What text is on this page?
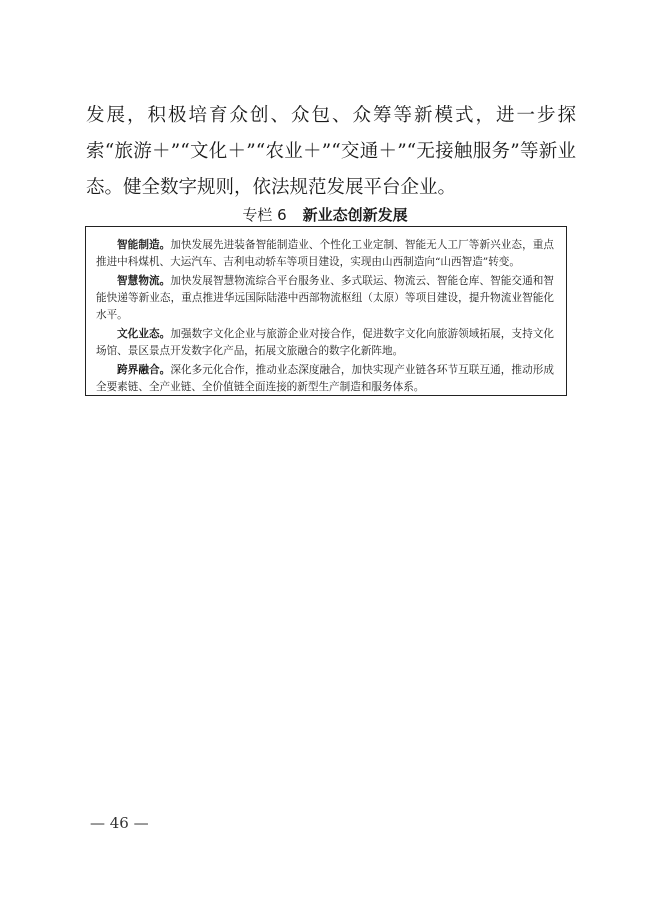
发展，积极培育众创、众包、众筹等新模式，进一步探索“旅游＋”“文化＋”“农业＋”“交通＋”“无接触服务”等新业态。健全数字规则，依法规范发展平台企业。

专栏 6 新业态创新发展

智能制造。加快发展先进装备智能制造业、个性化工业定制、智能无人工厂等新兴业态，重点推进中科煤机、大运汽车、吉利电动轿车等项目建设，实现由山西制造向“山西智造”转变。

智慧物流。加快发展智慧物流综合平台服务业、多式联运、物流云、智能仓库、智能交通和智能快递等新业态，重点推进华远国际陆港中西部物流枢纽（太原）等项目建设，提升物流业智能化水平。

文化业态。加强数字文化企业与旅游企业对接合作，促进数字文化向旅游领域拓展，支持文化场馆、景区景点开发数字化产品，拓展文旅融合的数字化新阵地。

跨界融合。深化多元化合作，推动业态深度融合，加快实现产业链各环节互联互通，推动形成全要素链、全产业链、全价值链全面连接的新型生产制造和服务体系。

— 46 —
